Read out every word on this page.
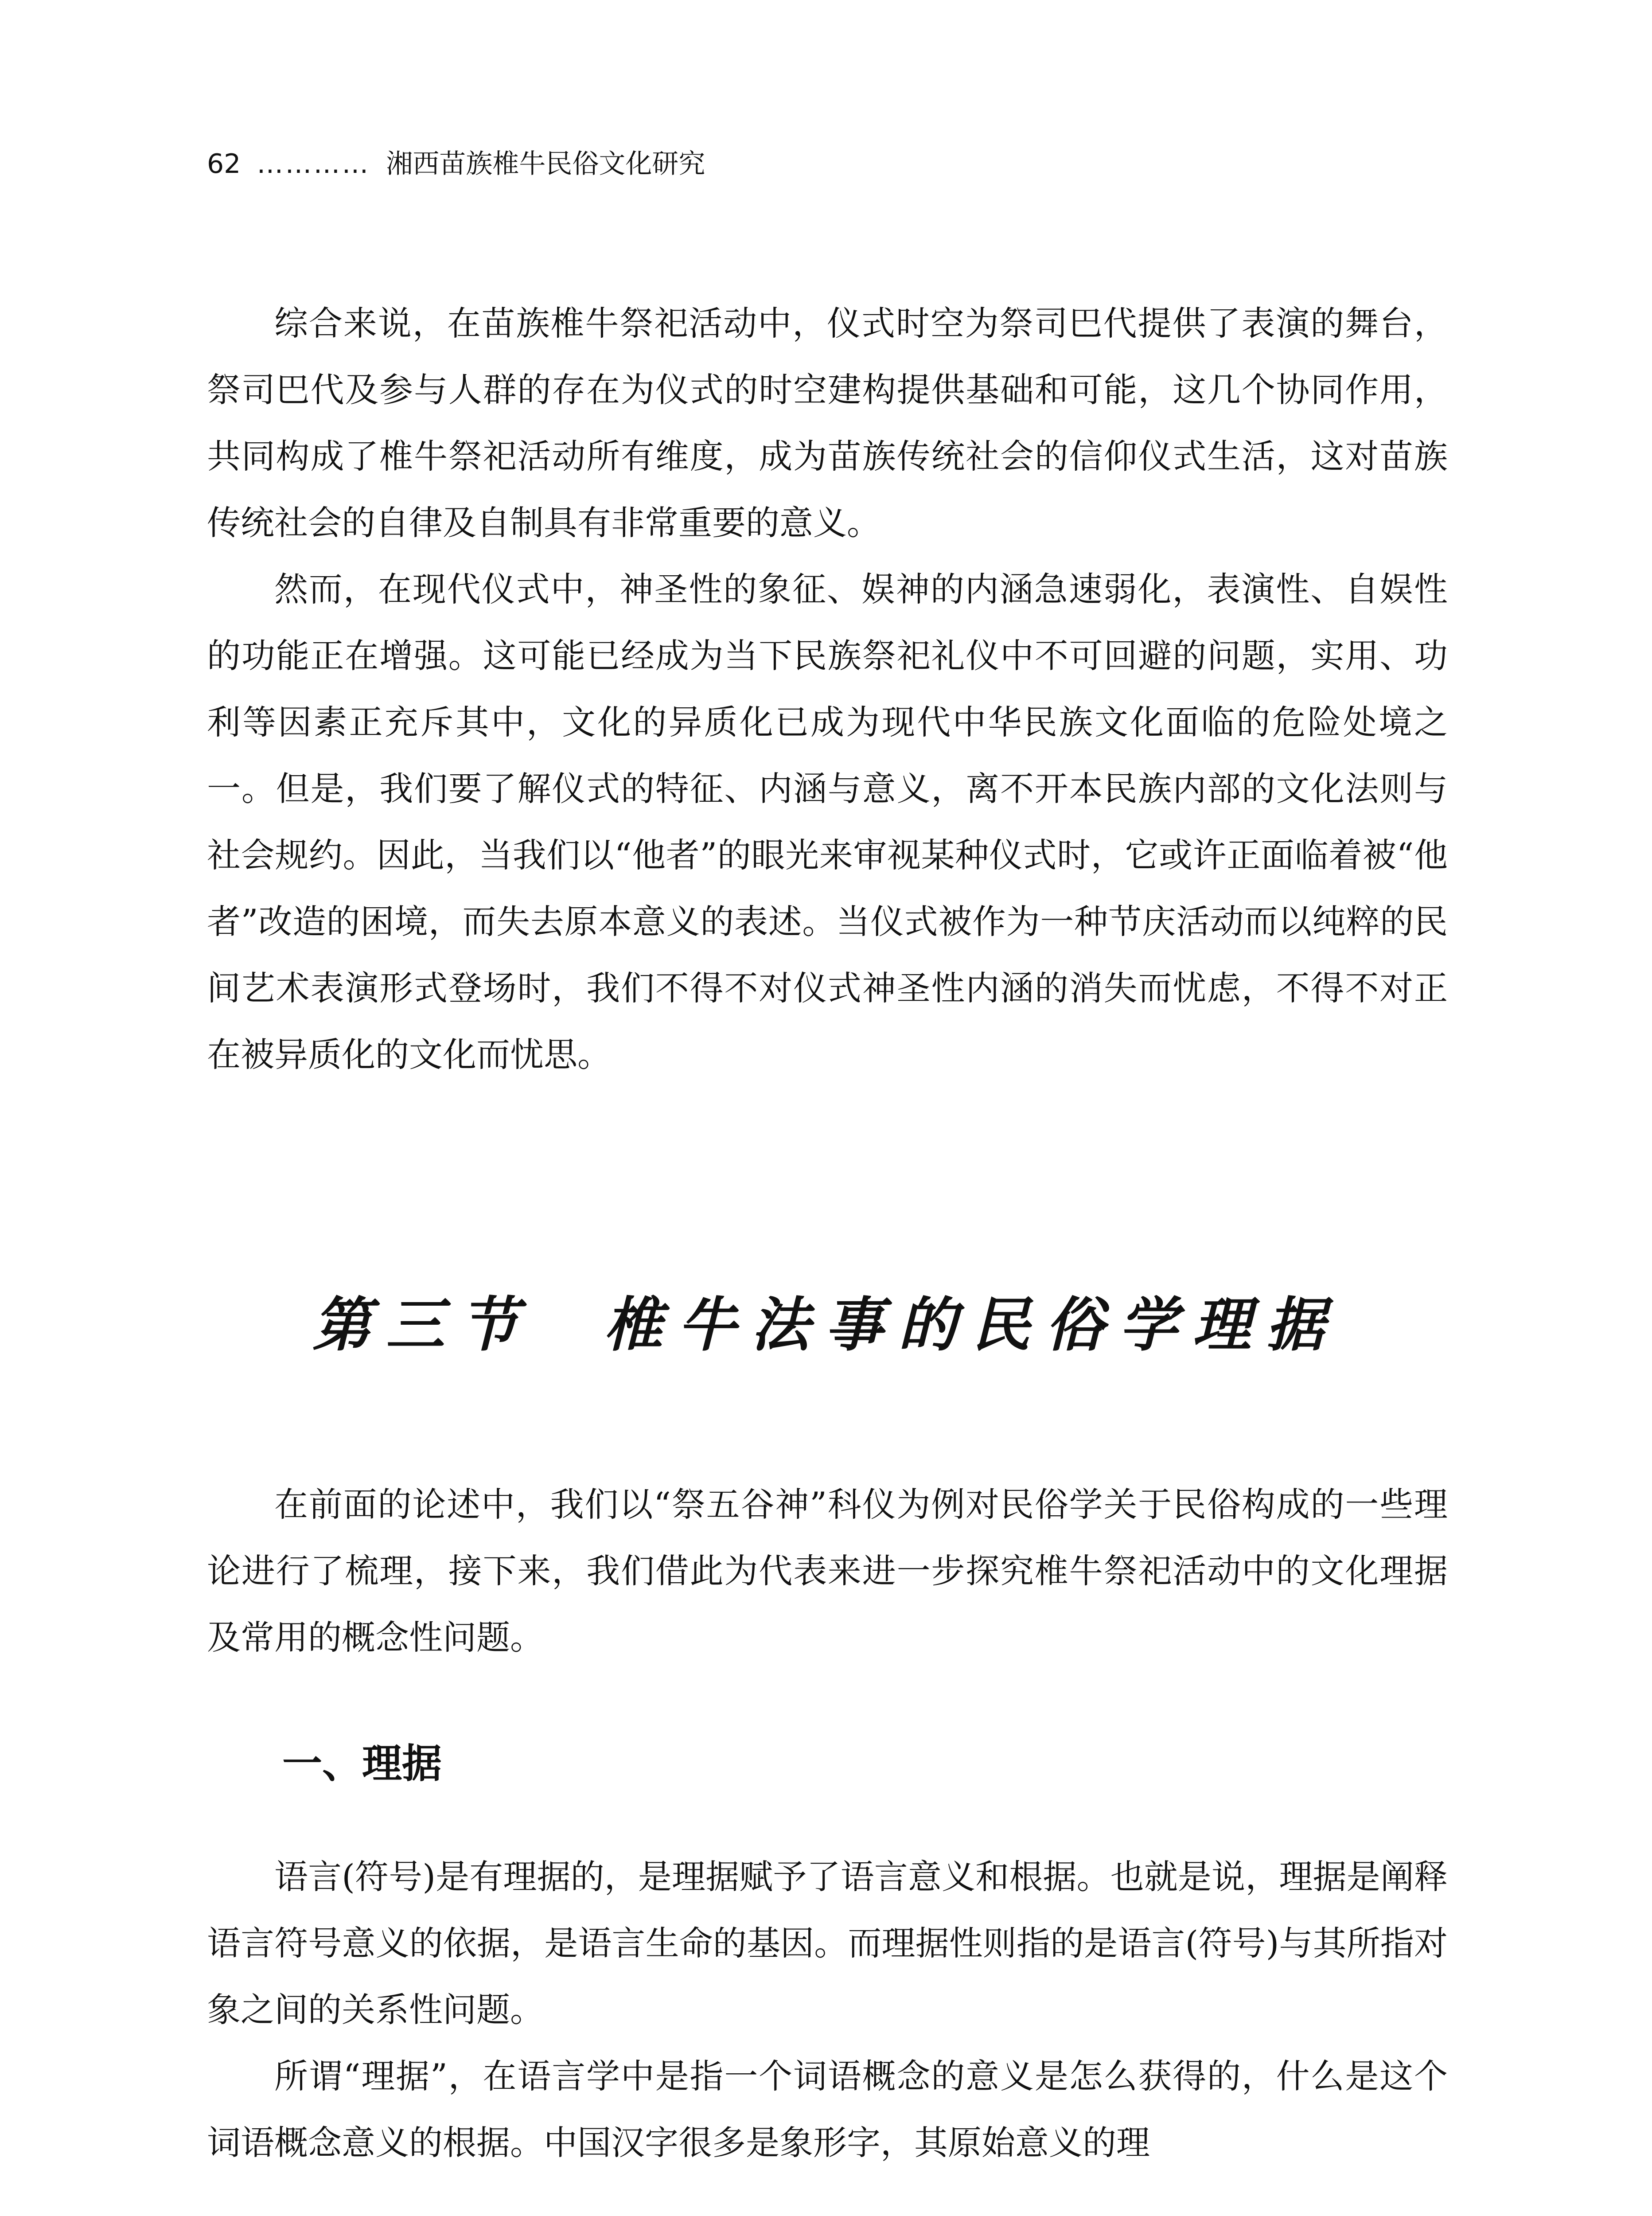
62 ………… 湘西苗族椎牛民俗文化研究

综合来说，在苗族椎牛祭祀活动中，仪式时空为祭司巴代提供了表演的舞台，祭司巴代及参与人群的存在为仪式的时空建构提供基础和可能，这几个协同作用，共同构成了椎牛祭祀活动所有维度，成为苗族传统社会的信仰仪式生活，这对苗族传统社会的自律及自制具有非常重要的意义。

然而，在现代仪式中，神圣性的象征、娱神的内涵急速弱化，表演性、自娱性的功能正在增强。这可能已经成为当下民族祭祀礼仪中不可回避的问题，实用、功利等因素正充斥其中，文化的异质化已成为现代中华民族文化面临的危险处境之一。但是，我们要了解仪式的特征、内涵与意义，离不开本民族内部的文化法则与社会规约。因此，当我们以“他者”的眼光来审视某种仪式时，它或许正面临着被“他者”改造的困境，而失去原本意义的表述。当仪式被作为一种节庆活动而以纯粹的民间艺术表演形式登场时，我们不得不对仪式神圣性内涵的消失而忧虑，不得不对正在被异质化的文化而忧思。

第三节 椎牛法事的民俗学理据

在前面的论述中，我们以“祭五谷神”科仪为例对民俗学关于民俗构成的一些理论进行了梳理，接下来，我们借此为代表来进一步探究椎牛祭祀活动中的文化理据及常用的概念性问题。

一、理据

语言(符号)是有理据的，是理据赋予了语言意义和根据。也就是说，理据是阐释语言符号意义的依据，是语言生命的基因。而理据性则指的是语言(符号)与其所指对象之间的关系性问题。

所谓“理据”，在语言学中是指一个词语概念的意义是怎么获得的，什么是这个词语概念意义的根据。中国汉字很多是象形字，其原始意义的理
